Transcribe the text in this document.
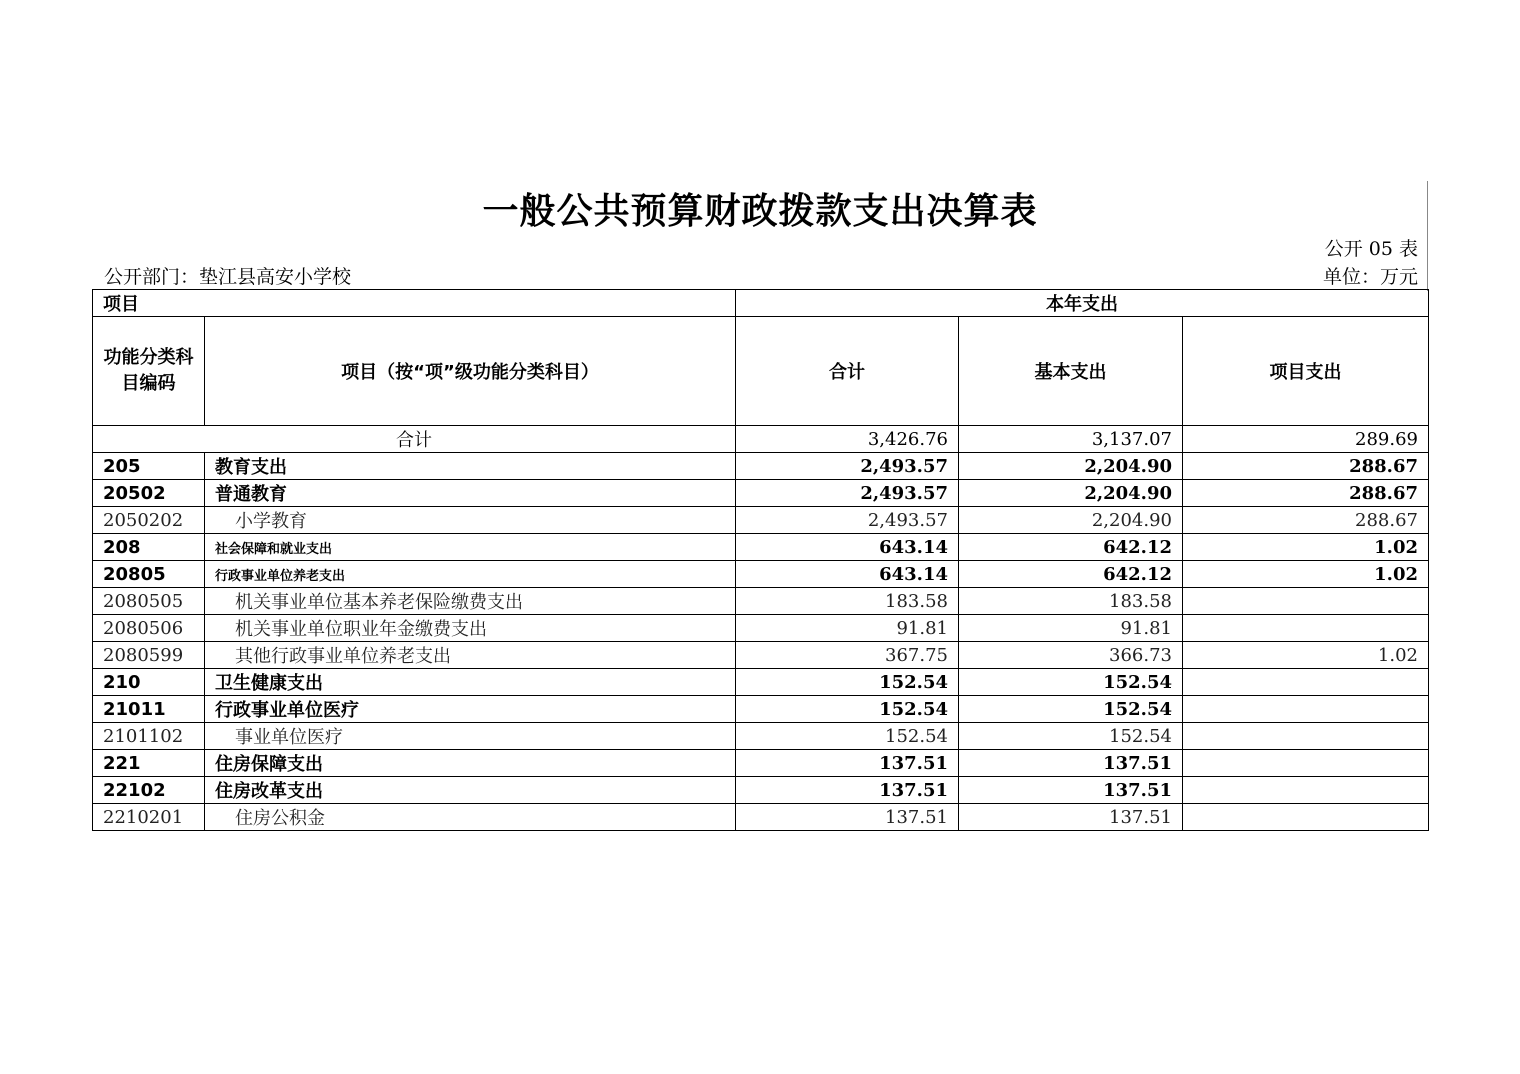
一般公共预算财政拨款支出决算表
公开 05 表
公开部门：垫江县高安小学校	单位：万元
项目		本年支出		
功能分类科目编码	项目（按“项”级功能分类科目）	合计	基本支出	项目支出
合计		3,426.76	3,137.07	289.69
205	教育支出	2,493.57	2,204.90	288.67
20502	普通教育	2,493.57	2,204.90	288.67
2050202	小学教育	2,493.57	2,204.90	288.67
208	社会保障和就业支出	643.14	642.12	1.02
20805	行政事业单位养老支出	643.14	642.12	1.02
2080505	机关事业单位基本养老保险缴费支出	183.58	183.58	
2080506	机关事业单位职业年金缴费支出	91.81	91.81	
2080599	其他行政事业单位养老支出	367.75	366.73	1.02
210	卫生健康支出	152.54	152.54	
21011	行政事业单位医疗	152.54	152.54	
2101102	事业单位医疗	152.54	152.54	
221	住房保障支出	137.51	137.51	
22102	住房改革支出	137.51	137.51	
2210201	住房公积金	137.51	137.51	
